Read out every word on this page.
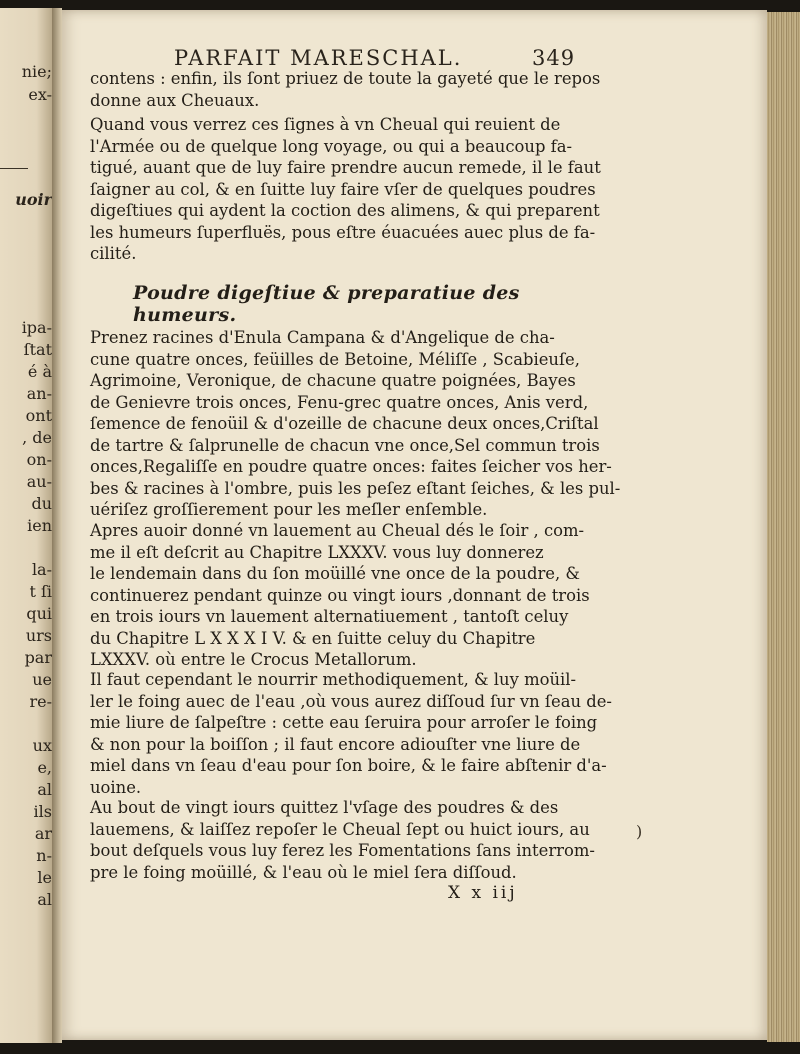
nie;
ex-
uoir
ipa-
ſtat
é à
an-
ont
, de
on-
au-
du
ien
la-
t ſi
qui
urs
par
ue
re-
ux
e,
al
ils
ar
n-
le
al
PARFAIT MARESCHAL.	349
contens : enfin, ils ſont priuez de toute la gayeté que le repos
donne aux Cheuaux.
Quand vous verrez ces ſignes à vn Cheual qui reuient de
l'Armée ou de quelque long voyage, ou qui a beaucoup fa-
tigué, auant que de luy faire prendre aucun remede, il le faut
ſaigner au col, & en ſuitte luy faire vſer de quelques poudres
digeſtiues qui aydent la coction des alimens, & qui preparent
les humeurs ſuperfluës, pous eſtre éuacuées auec plus de fa-
cilité.
Poudre digeſtiue & preparatiue des humeurs.
Prenez racines d'Enula Campana & d'Angelique de cha-
cune quatre onces, feüilles de Betoine, Méliſſe , Scabieuſe,
Agrimoine, Veronique, de chacune quatre poignées, Bayes
de Genievre trois onces, Fenu-grec quatre onces, Anis verd,
ſemence de fenoüil & d'ozeille de chacune deux onces,Criſtal
de tartre & ſalprunelle de chacun vne once,Sel commun trois
onces,Regaliſſe en poudre quatre onces: faites ſeicher vos her-
bes & racines à l'ombre, puis les peſez eſtant ſeiches, & les pul-
uériſez groſſierement pour les meſler enſemble.
Apres auoir donné vn lauement au Cheual dés le ſoir , com-
me il eſt deſcrit au Chapitre LXXXV. vous luy donnerez
le lendemain dans du ſon moüillé vne once de la poudre, &
continuerez pendant quinze ou vingt iours ,donnant de trois
en trois iours vn lauement alternatiuement , tantoſt celuy
du Chapitre L X X X I V. & en ſuitte celuy du Chapitre
LXXXV. où entre le Crocus Metallorum.
Il faut cependant le nourrir methodiquement, & luy moüil-
ler le foing auec de l'eau ,où vous aurez diſſoud ſur vn ſeau de-
mie liure de ſalpeſtre : cette eau ſeruira pour arroſer le foing
& non pour la boiſſon ; il faut encore adiouſter vne liure de
miel dans vn ſeau d'eau pour ſon boire, & le faire abſtenir d'a-
uoine.
Au bout de vingt iours quittez l'vſage des poudres & des
lauemens, & laiſſez repoſer le Cheual ſept ou huict iours, au
bout deſquels vous luy ferez les Fomentations ſans interrom-
pre le foing moüillé, & l'eau où le miel ſera diſſoud.
X x iij
)
